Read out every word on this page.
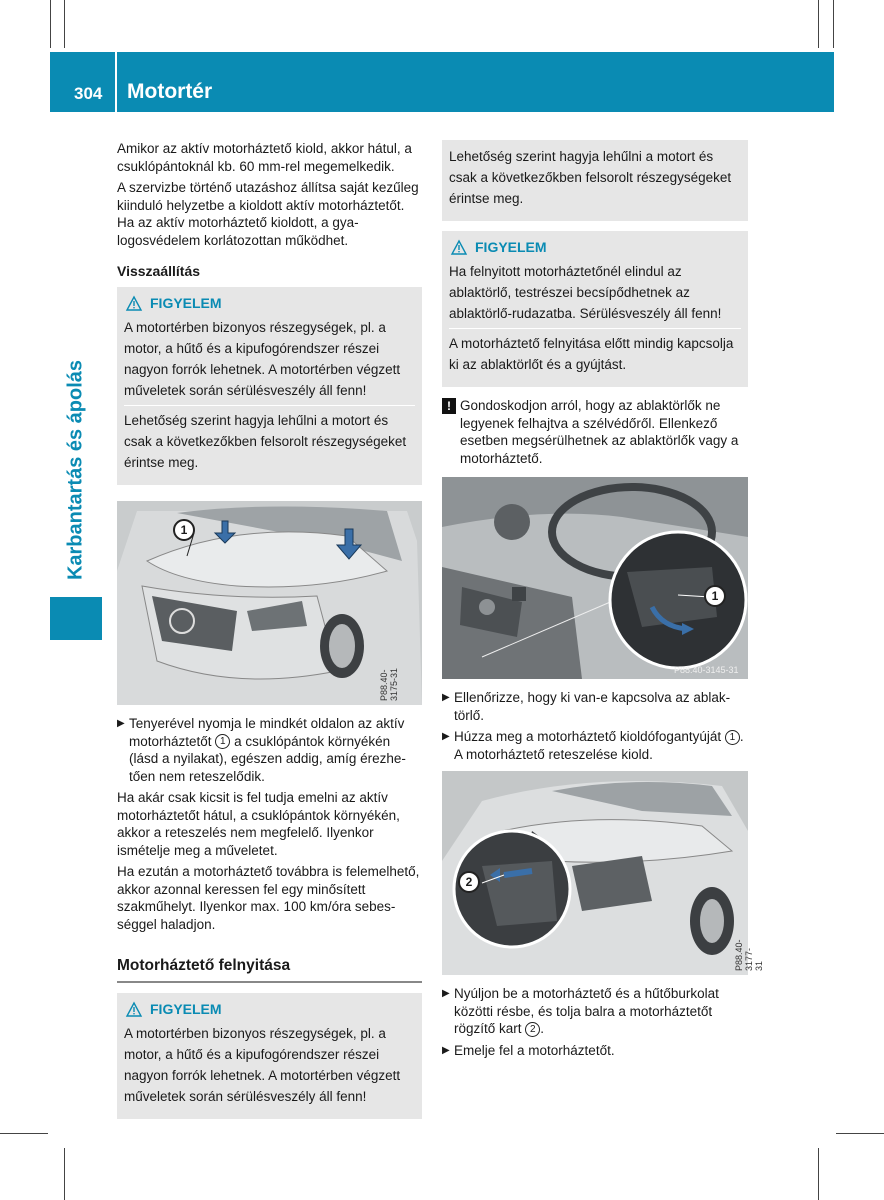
304 Motortér
Karbantartás és ápolás

Amikor az aktív motorháztető kiold, akkor hátul, a csuklópántoknál kb. 60 mm-rel megemelkedik.

A szervizbe történő utazáshoz állítsa saját kezűleg kiinduló helyzetbe a kioldott aktív motorháztetőt. Ha az aktív motorháztető kioldott, a gyalogosvédelem korlátozottan működhet.

Visszaállítás
FIGYELEM

A motortérben bizonyos részegységek, pl. a motor, a hűtő és a kipufogórendszer részei nagyon forrók lehetnek. A motortérben végzett műveletek során sérülésveszély áll fenn!

Lehetőség szerint hagyja lehűlni a motort és csak a következőkben felsorolt részegységeket érintse meg.

1
P88.40-3175-31
▶ Tenyerével nyomja le mindkét oldalon az aktív motorháztetőt 1 a csuklópántok környékén (lásd a nyilakat), egészen addig, amíg érezhetően nem reteszelődik.

Ha akár csak kicsit is fel tudja emelni az aktív motorháztetőt hátul, a csuklópántok környékén, akkor a reteszelés nem megfelelő. Ilyenkor ismételje meg a műveletet.

Ha ezután a motorháztető továbbra is felemelhető, akkor azonnal keressen fel egy minősített szakműhelyt. Ilyenkor max. 100 km/óra sebességgel haladjon.

Motorháztető felnyitása
FIGYELEM

A motortérben bizonyos részegységek, pl. a motor, a hűtő és a kipufogórendszer részei nagyon forrók lehetnek. A motortérben végzett műveletek során sérülésveszély áll fenn!

Lehetőség szerint hagyja lehűlni a motort és csak a következőkben felsorolt részegységeket érintse meg.

FIGYELEM

Ha felnyitott motorháztetőnél elindul az ablaktörlő, testrészei becsípődhetnek az ablaktörlő-rudazatba. Sérülésveszély áll fenn!

A motorháztető felnyitása előtt mindig kapcsolja ki az ablaktörlőt és a gyújtást.

! Gondoskodjon arról, hogy az ablaktörlők ne legyenek felhajtva a szélvédőről. Ellenkező esetben megsérülhetnek az ablaktörlők vagy a motorháztető.
1
P88.40-3145-31
▶ Ellenőrizze, hogy ki van-e kapcsolva az ablaktörlő.
▶ Húzza meg a motorháztető kioldófogantyúját 1 .

A motorháztető reteszelése kiold.

2
P88.40-3177-31
▶ Nyúljon be a motorháztető és a hűtőburkolat közötti résbe, és tolja balra a motorháztetőt rögzítő kart 2 .
▶ Emelje fel a motorháztetőt.
